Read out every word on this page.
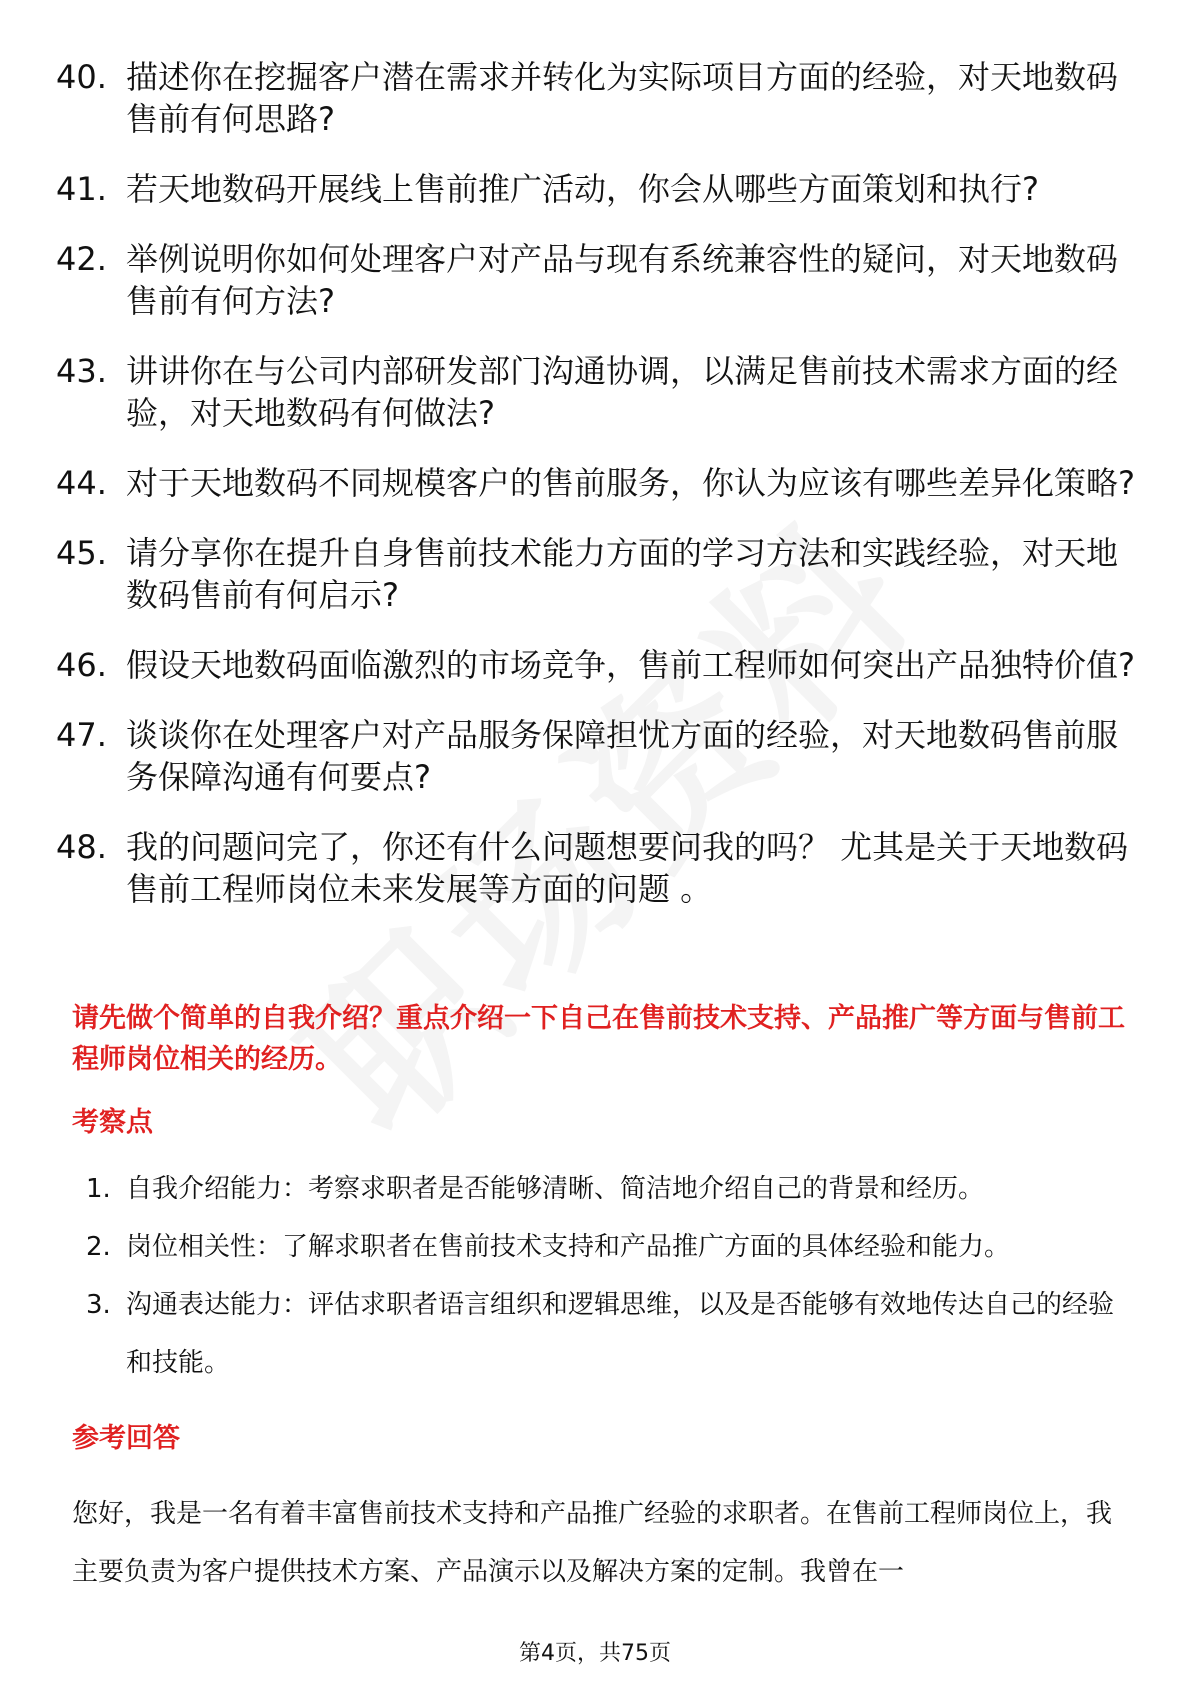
40. 描述你在挖掘客户潜在需求并转化为实际项目方面的经验，对天地数码售前有何思路?
41. 若天地数码开展线上售前推广活动，你会从哪些方面策划和执行?
42. 举例说明你如何处理客户对产品与现有系统兼容性的疑问，对天地数码售前有何方法?
43. 讲讲你在与公司内部研发部门沟通协调，以满足售前技术需求方面的经验，对天地数码有何做法?
44. 对于天地数码不同规模客户的售前服务，你认为应该有哪些差异化策略?
45. 请分享你在提升自身售前技术能力方面的学习方法和实践经验，对天地数码售前有何启示?
46. 假设天地数码面临激烈的市场竞争，售前工程师如何突出产品独特价值?
47. 谈谈你在处理客户对产品服务保障担忧方面的经验，对天地数码售前服务保障沟通有何要点?
48. 我的问题问完了，你还有什么问题想要问我的吗？ 尤其是关于天地数码售前工程师岗位未来发展等方面的问题 。
请先做个简单的自我介绍？重点介绍一下自己在售前技术支持、产品推广等方面与售前工程师岗位相关的经历。
考察点
1. 自我介绍能力：考察求职者是否能够清晰、简洁地介绍自己的背景和经历。
2. 岗位相关性：了解求职者在售前技术支持和产品推广方面的具体经验和能力。
3. 沟通表达能力：评估求职者语言组织和逻辑思维，以及是否能够有效地传达自己的经验和技能。
参考回答

您好，我是一名有着丰富售前技术支持和产品推广经验的求职者。在售前工程师岗位上，我主要负责为客户提供技术方案、产品演示以及解决方案的定制。我曾在一

第4页，共75页
